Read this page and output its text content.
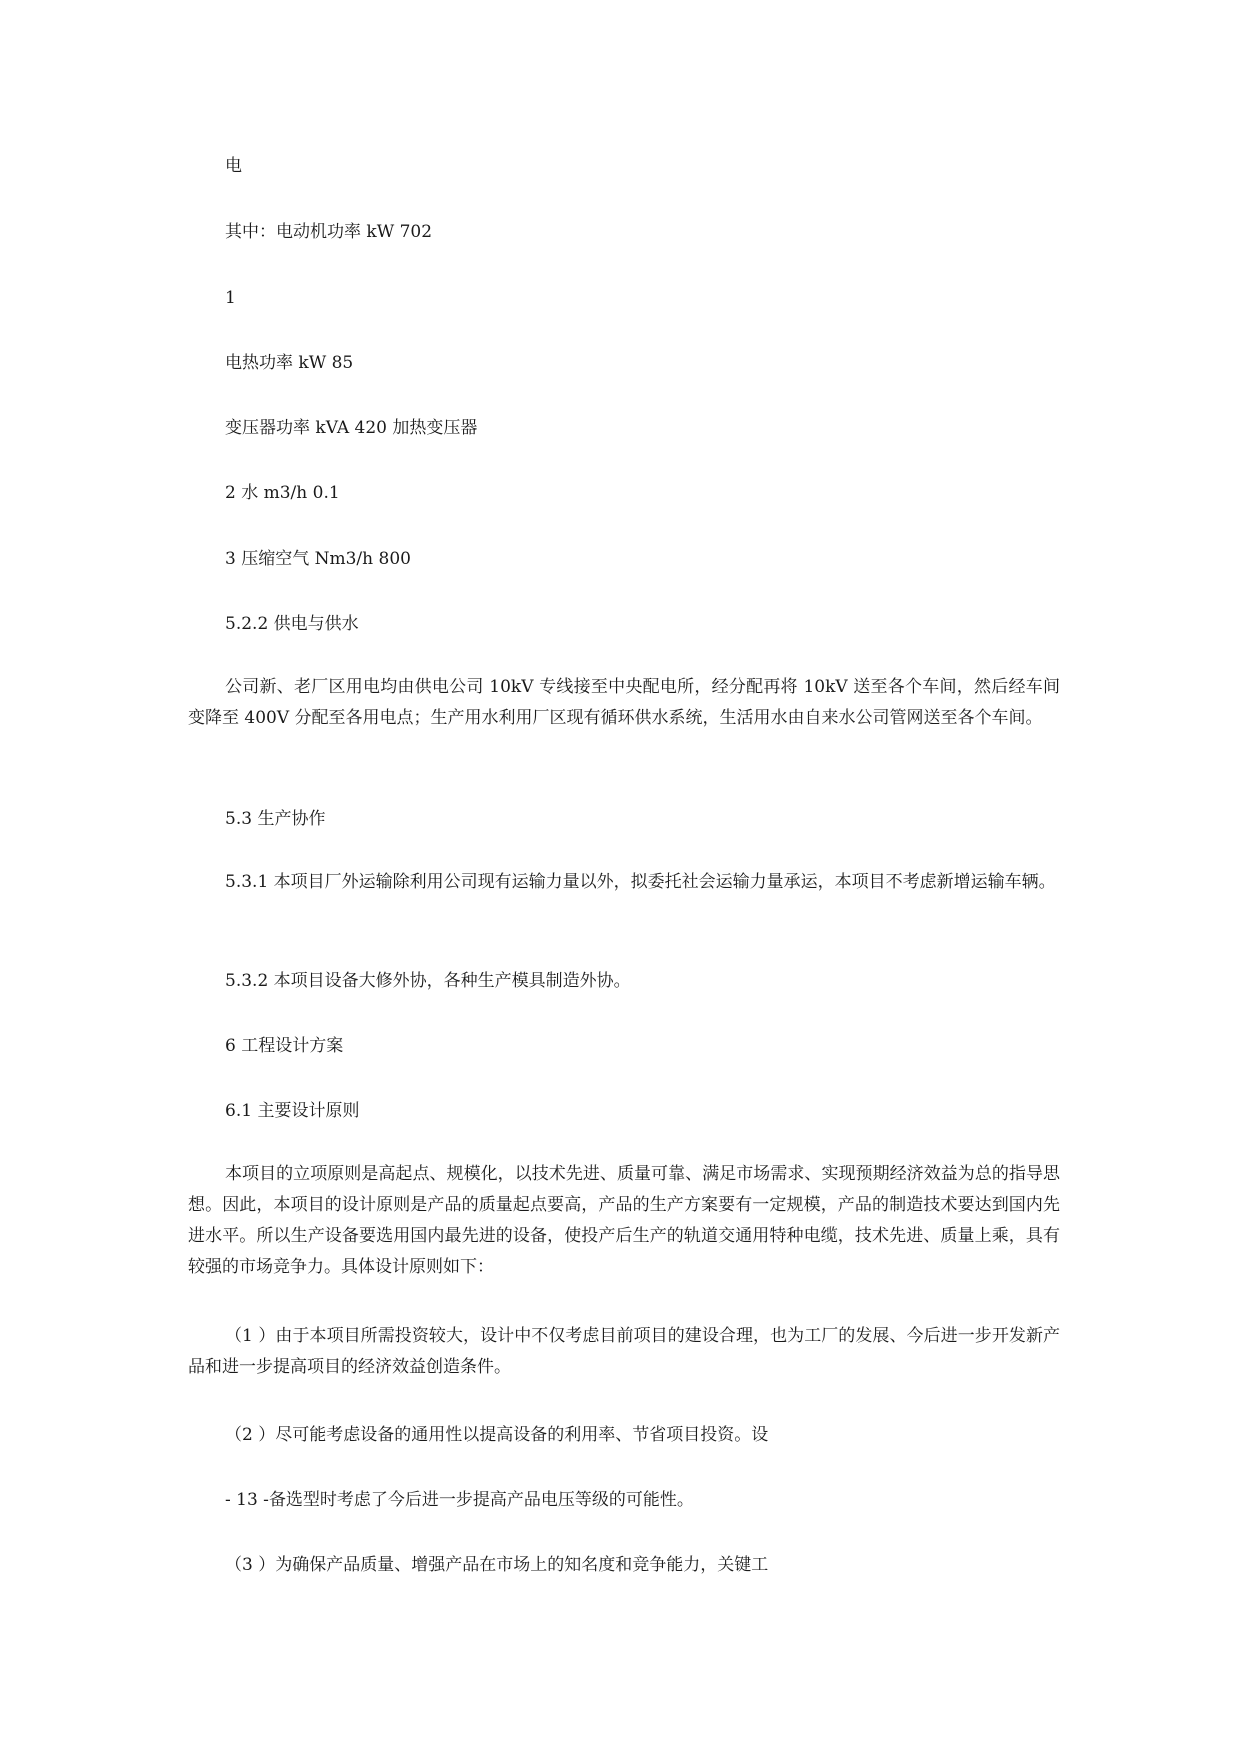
电
其中：电动机功率 kW 702
1
电热功率 kW 85
变压器功率 kVA 420 加热变压器
2 水 m3/h 0.1
3 压缩空气 Nm3/h 800
5.2.2 供电与供水
公司新、老厂区用电均由供电公司 10kV 专线接至中央配电所，经分配再将 10kV 送至各个车间，然后经车间变降至 400V 分配至各用电点；生产用水利用厂区现有循环供水系统，生活用水由自来水公司管网送至各个车间。
5.3 生产协作
5.3.1 本项目厂外运输除利用公司现有运输力量以外，拟委托社会运输力量承运，本项目不考虑新增运输车辆。
5.3.2 本项目设备大修外协，各种生产模具制造外协。
6 工程设计方案
6.1 主要设计原则
本项目的立项原则是高起点、规模化，以技术先进、质量可靠、满足市场需求、实现预期经济效益为总的指导思想。因此，本项目的设计原则是产品的质量起点要高，产品的生产方案要有一定规模，产品的制造技术要达到国内先进水平。所以生产设备要选用国内最先进的设备，使投产后生产的轨道交通用特种电缆，技术先进、质量上乘，具有较强的市场竞争力。具体设计原则如下：
（1 ）由于本项目所需投资较大，设计中不仅考虑目前项目的建设合理，也为工厂的发展、今后进一步开发新产品和进一步提高项目的经济效益创造条件。
（2 ）尽可能考虑设备的通用性以提高设备的利用率、节省项目投资。设
- 13 -备选型时考虑了今后进一步提高产品电压等级的可能性。
（3 ）为确保产品质量、增强产品在市场上的知名度和竞争能力，关键工
